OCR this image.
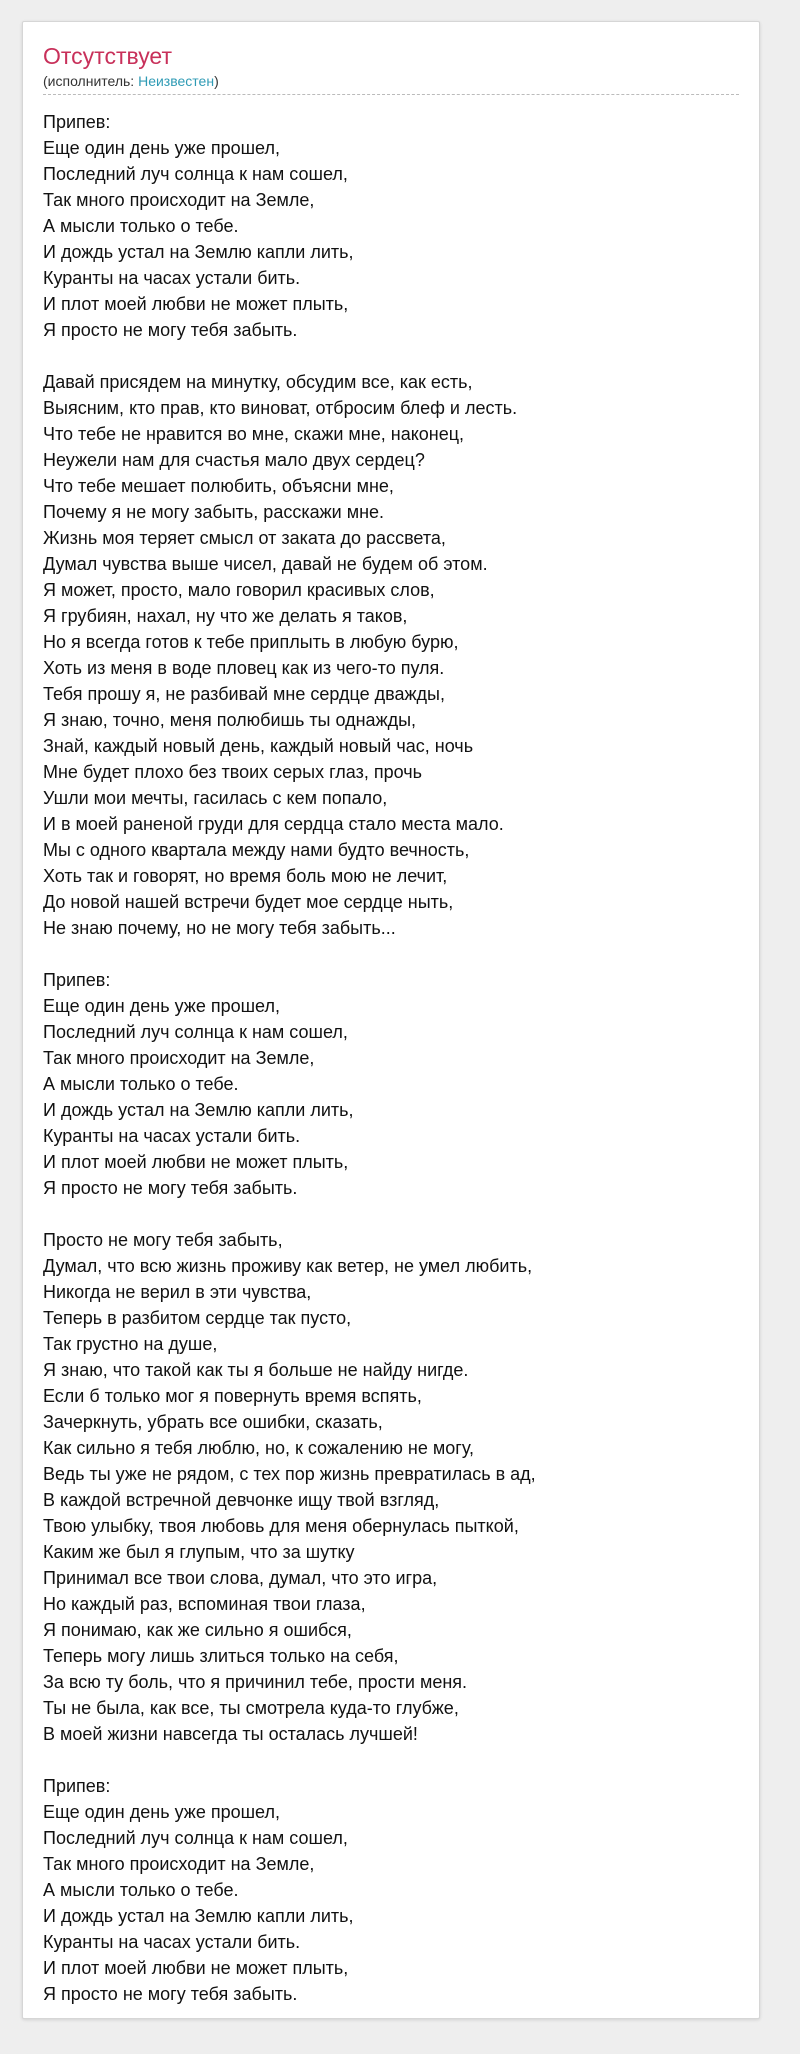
Отсутствует
(исполнитель: Неизвестен)
Припев:
Еще один день уже прошел,
Последний луч солнца к нам сошел,
Так много происходит на Земле,
А мысли только о тебе.
И дождь устал на Землю капли лить,
Куранты на часах устали бить.
И плот моей любви не может плыть,
Я просто не могу тебя забыть.
Давай присядем на минутку, обсудим все, как есть,
Выясним, кто прав, кто виноват, отбросим блеф и лесть.
Что тебе не нравится во мне, скажи мне, наконец,
Неужели нам для счастья мало двух сердец?
Что тебе мешает полюбить, объясни мне,
Почему я не могу забыть, расскажи мне.
Жизнь моя теряет смысл от заката до рассвета,
Думал чувства выше чисел, давай не будем об этом.
Я может, просто, мало говорил красивых слов,
Я грубиян, нахал, ну что же делать я таков,
Но я всегда готов к тебе приплыть в любую бурю,
Хоть из меня в воде пловец как из чего-то пуля.
Тебя прошу я, не разбивай мне сердце дважды,
Я знаю, точно, меня полюбишь ты однажды,
Знай, каждый новый день, каждый новый час, ночь
Мне будет плохо без твоих серых глаз, прочь
Ушли мои мечты, гасилась с кем попало,
И в моей раненой груди для сердца стало места мало.
Мы с одного квартала между нами будто вечность,
Хоть так и говорят, но время боль мою не лечит,
До новой нашей встречи будет мое сердце ныть,
Не знаю почему, но не могу тебя забыть...
Припев:
Еще один день уже прошел,
Последний луч солнца к нам сошел,
Так много происходит на Земле,
А мысли только о тебе.
И дождь устал на Землю капли лить,
Куранты на часах устали бить.
И плот моей любви не может плыть,
Я просто не могу тебя забыть.
Просто не могу тебя забыть,
Думал, что всю жизнь проживу как ветер, не умел любить,
Никогда не верил в эти чувства,
Теперь в разбитом сердце так пусто,
Так грустно на душе,
Я знаю, что такой как ты я больше не найду нигде.
Если б только мог я повернуть время вспять,
Зачеркнуть, убрать все ошибки, сказать,
Как сильно я тебя люблю, но, к сожалению не могу,
Ведь ты уже не рядом, с тех пор жизнь превратилась в ад,
В каждой встречной девчонке ищу твой взгляд,
Твою улыбку, твоя любовь для меня обернулась пыткой,
Каким же был я глупым, что за шутку
Принимал все твои слова, думал, что это игра,
Но каждый раз, вспоминая твои глаза,
Я понимаю, как же сильно я ошибся,
Теперь могу лишь злиться только на себя,
За всю ту боль, что я причинил тебе, прости меня.
Ты не была, как все, ты смотрела куда-то глубже,
В моей жизни навсегда ты осталась лучшей!
Припев:
Еще один день уже прошел,
Последний луч солнца к нам сошел,
Так много происходит на Земле,
А мысли только о тебе.
И дождь устал на Землю капли лить,
Куранты на часах устали бить.
И плот моей любви не может плыть,
Я просто не могу тебя забыть.
